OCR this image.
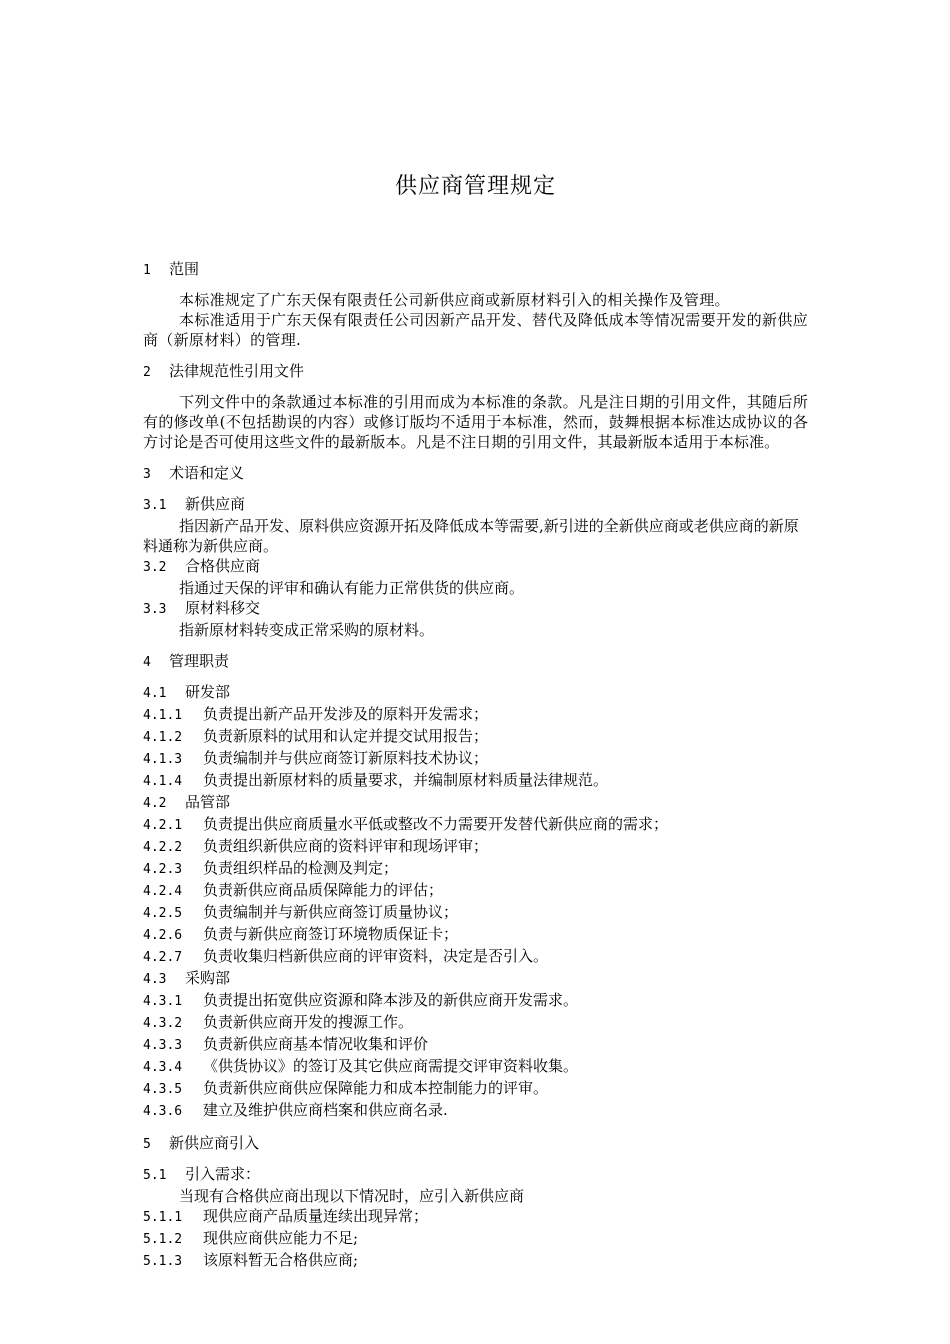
供应商管理规定
1 范围
本标准规定了广东天保有限责任公司新供应商或新原材料引入的相关操作及管理。
本标准适用于广东天保有限责任公司因新产品开发、替代及降低成本等情况需要开发的新供应商（新原材料）的管理.
2 法律规范性引用文件
下列文件中的条款通过本标准的引用而成为本标准的条款。凡是注日期的引用文件，其随后所有的修改单(不包括勘误的内容）或修订版均不适用于本标准，然而，鼓舞根据本标准达成协议的各方讨论是否可使用这些文件的最新版本。凡是不注日期的引用文件，其最新版本适用于本标准。
3 术语和定义
3.1 新供应商
指因新产品开发、原料供应资源开拓及降低成本等需要,新引进的全新供应商或老供应商的新原料通称为新供应商。
3.2 合格供应商
指通过天保的评审和确认有能力正常供货的供应商。
3.3 原材料移交
指新原材料转变成正常采购的原材料。
4 管理职责
4.1 研发部
4.1.1 负责提出新产品开发涉及的原料开发需求；
4.1.2 负责新原料的试用和认定并提交试用报告；
4.1.3 负责编制并与供应商签订新原料技术协议；
4.1.4 负责提出新原材料的质量要求，并编制原材料质量法律规范。
4.2 品管部
4.2.1 负责提出供应商质量水平低或整改不力需要开发替代新供应商的需求；
4.2.2 负责组织新供应商的资料评审和现场评审；
4.2.3 负责组织样品的检测及判定；
4.2.4 负责新供应商品质保障能力的评估；
4.2.5 负责编制并与新供应商签订质量协议；
4.2.6 负责与新供应商签订环境物质保证卡；
4.2.7 负责收集归档新供应商的评审资料，决定是否引入。
4.3 采购部
4.3.1 负责提出拓宽供应资源和降本涉及的新供应商开发需求。
4.3.2 负责新供应商开发的搜源工作。
4.3.3 负责新供应商基本情况收集和评价
4.3.4 《供货协议》的签订及其它供应商需提交评审资料收集。
4.3.5 负责新供应商供应保障能力和成本控制能力的评审。
4.3.6 建立及维护供应商档案和供应商名录.
5 新供应商引入
5.1 引入需求：
当现有合格供应商出现以下情况时，应引入新供应商
5.1.1 现供应商产品质量连续出现异常；
5.1.2 现供应商供应能力不足;
5.1.3 该原料暂无合格供应商;
